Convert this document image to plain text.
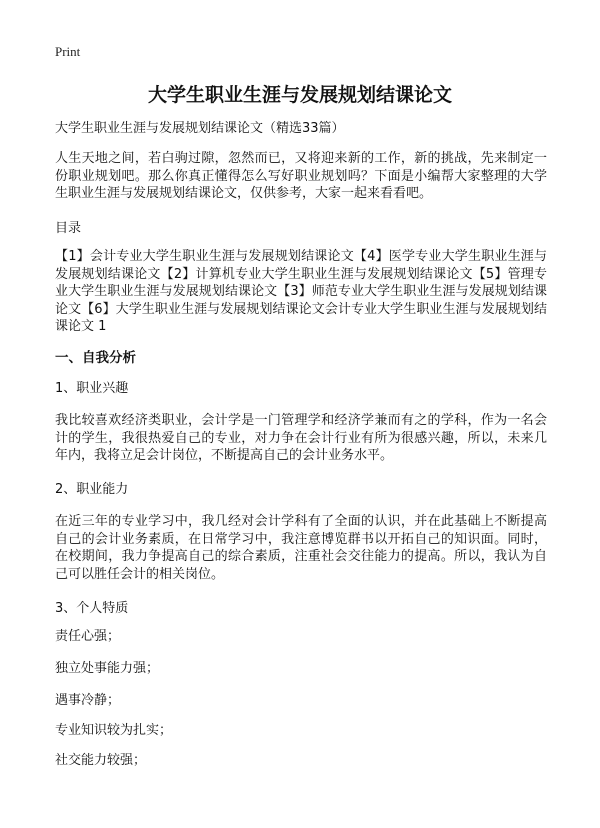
Print
大学生职业生涯与发展规划结课论文

大学生职业生涯与发展规划结课论文（精选33篇）

人生天地之间，若白驹过隙，忽然而已，又将迎来新的工作，新的挑战，先来制定一份职业规划吧。那么你真正懂得怎么写好职业规划吗？下面是小编帮大家整理的大学生职业生涯与发展规划结课论文，仅供参考，大家一起来看看吧。

目录

【1】会计专业大学生职业生涯与发展规划结课论文【4】医学专业大学生职业生涯与发展规划结课论文【2】计算机专业大学生职业生涯与发展规划结课论文【5】管理专业大学生职业生涯与发展规划结课论文【3】师范专业大学生职业生涯与发展规划结课论文【6】大学生职业生涯与发展规划结课论文会计专业大学生职业生涯与发展规划结课论文 1

一、自我分析

1、职业兴趣

我比较喜欢经济类职业，会计学是一门管理学和经济学兼而有之的学科，作为一名会计的学生，我很热爱自己的专业，对力争在会计行业有所为很感兴趣，所以，未来几年内，我将立足会计岗位，不断提高自己的会计业务水平。

2、职业能力

在近三年的专业学习中，我几经对会计学科有了全面的认识，并在此基础上不断提高自己的会计业务素质，在日常学习中，我注意博览群书以开拓自己的知识面。同时，在校期间，我力争提高自己的综合素质，注重社会交往能力的提高。所以，我认为自己可以胜任会计的相关岗位。

3、个人特质

责任心强；

独立处事能力强；

遇事冷静；

专业知识较为扎实；

社交能力较强；
